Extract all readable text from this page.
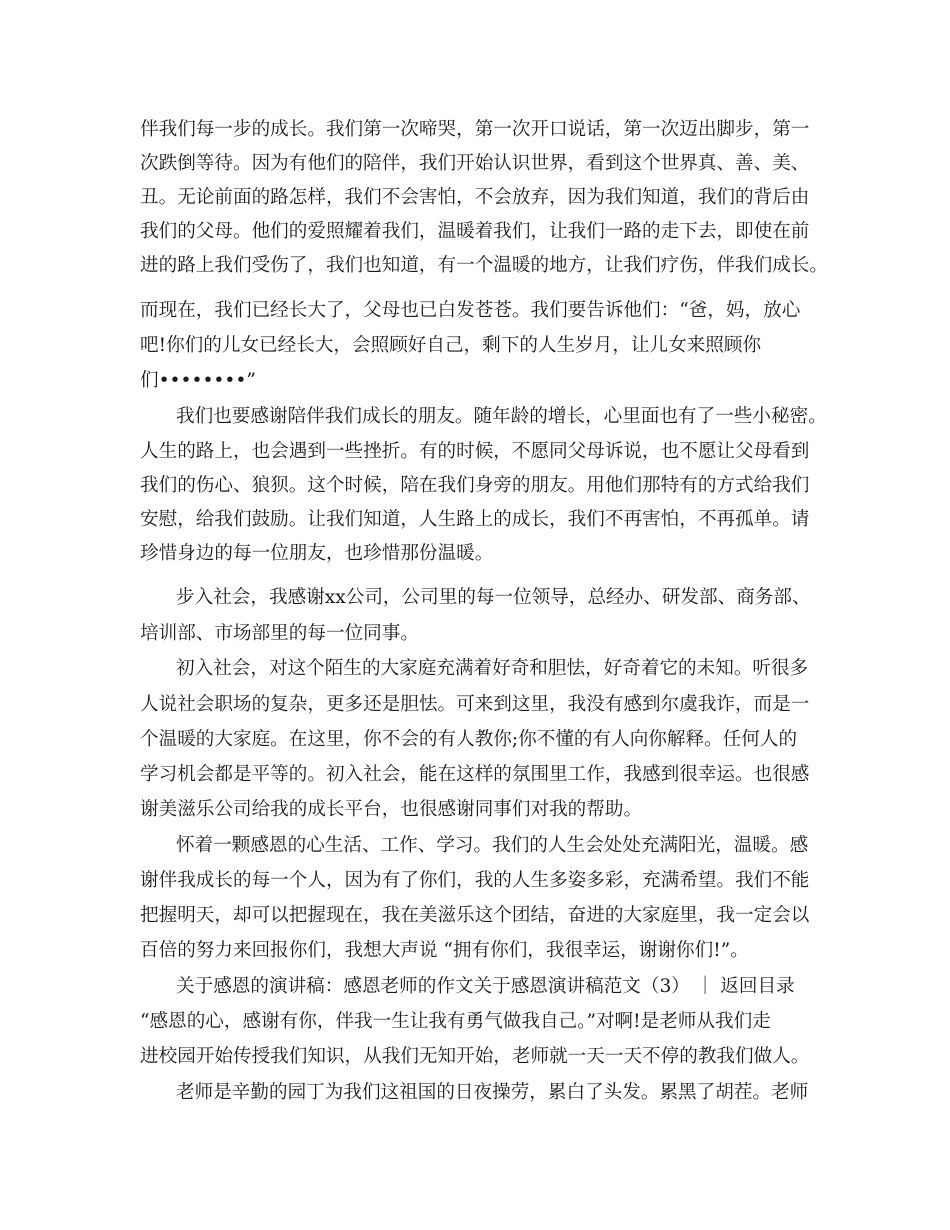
伴我们每一步的成长。我们第一次啼哭，第一次开口说话，第一次迈出脚步，第一
次跌倒等待。因为有他们的陪伴，我们开始认识世界，看到这个世界真、善、美、
丑。无论前面的路怎样，我们不会害怕，不会放弃，因为我们知道，我们的背后由
我们的父母。他们的爱照耀着我们，温暖着我们，让我们一路的走下去，即使在前
进的路上我们受伤了，我们也知道，有一个温暖的地方，让我们疗伤，伴我们成长。
而现在，我们已经长大了，父母也已白发苍苍。我们要告诉他们：“爸，妈，放心
吧!你们的儿女已经长大，会照顾好自己，剩下的人生岁月，让儿女来照顾你
们••••••••”
我们也要感谢陪伴我们成长的朋友。随年龄的增长，心里面也有了一些小秘密。
人生的路上，也会遇到一些挫折。有的时候，不愿同父母诉说，也不愿让父母看到
我们的伤心、狼狈。这个时候，陪在我们身旁的朋友。用他们那特有的方式给我们
安慰，给我们鼓励。让我们知道，人生路上的成长，我们不再害怕，不再孤单。请
珍惜身边的每一位朋友，也珍惜那份温暖。
步入社会，我感谢xx公司，公司里的每一位领导，总经办、研发部、商务部、
培训部、市场部里的每一位同事。
初入社会，对这个陌生的大家庭充满着好奇和胆怯，好奇着它的未知。听很多
人说社会职场的复杂，更多还是胆怯。可来到这里，我没有感到尔虞我诈，而是一
个温暖的大家庭。在这里，你不会的有人教你;你不懂的有人向你解释。任何人的
学习机会都是平等的。初入社会，能在这样的氛围里工作，我感到很幸运。也很感
谢美滋乐公司给我的成长平台，也很感谢同事们对我的帮助。
怀着一颗感恩的心生活、工作、学习。我们的人生会处处充满阳光，温暖。感
谢伴我成长的每一个人，因为有了你们，我的人生多姿多彩，充满希望。我们不能
把握明天，却可以把握现在，我在美滋乐这个团结，奋进的大家庭里，我一定会以
百倍的努力来回报你们，我想大声说 “拥有你们，我很幸运，谢谢你们!”。
关于感恩的演讲稿：感恩老师的作文关于感恩演讲稿范文（3） ｜ 返回目录
“感恩的心，感谢有你，伴我一生让我有勇气做我自己。”对啊!是老师从我们走
进校园开始传授我们知识，从我们无知开始，老师就一天一天不停的教我们做人。
老师是辛勤的园丁为我们这祖国的日夜操劳，累白了头发。累黑了胡茬。老师
